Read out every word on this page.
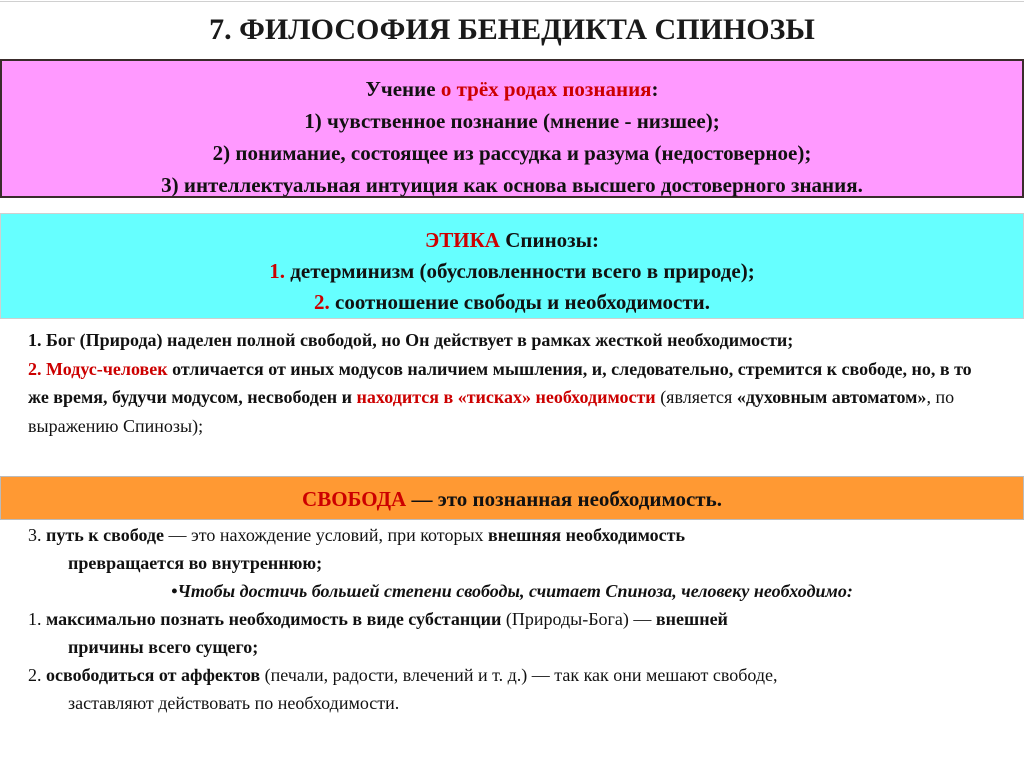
7. ФИЛОСОФИЯ БЕНЕДИКТА СПИНОЗЫ
Учение о трёх родах познания:
1) чувственное познание (мнение - низшее);
2) понимание, состоящее из рассудка и разума (недостоверное);
3) интеллектуальная интуиция как основа высшего достоверного знания.
ЭТИКА Спинозы:
1. детерминизм (обусловленности всего в природе);
2. соотношение свободы и необходимости.
1. Бог (Природа) наделен полной свободой, но Он действует в рамках жесткой необходимости;
2. Модус-человек отличается от иных модусов наличием мышления, и, следовательно, стремится к свободе, но, в то же время, будучи модусом, несвободен и находится в «тисках» необходимости (является «духовным автоматом», по выражению Спинозы);
СВОБОДА — это познанная необходимость.
3. путь к свободе — это нахождение условий, при которых внешняя необходимость
превращается во внутреннюю;
•Чтобы достичь большей степени свободы, считает Спиноза, человеку необходимо:
1. максимально познать необходимость в виде субстанции (Природы-Бога) — внешней
причины всего сущего;
2. освободиться от аффектов (печали, радости, влечений и т. д.) — так как они мешают свободе,
заставляют действовать по необходимости.
